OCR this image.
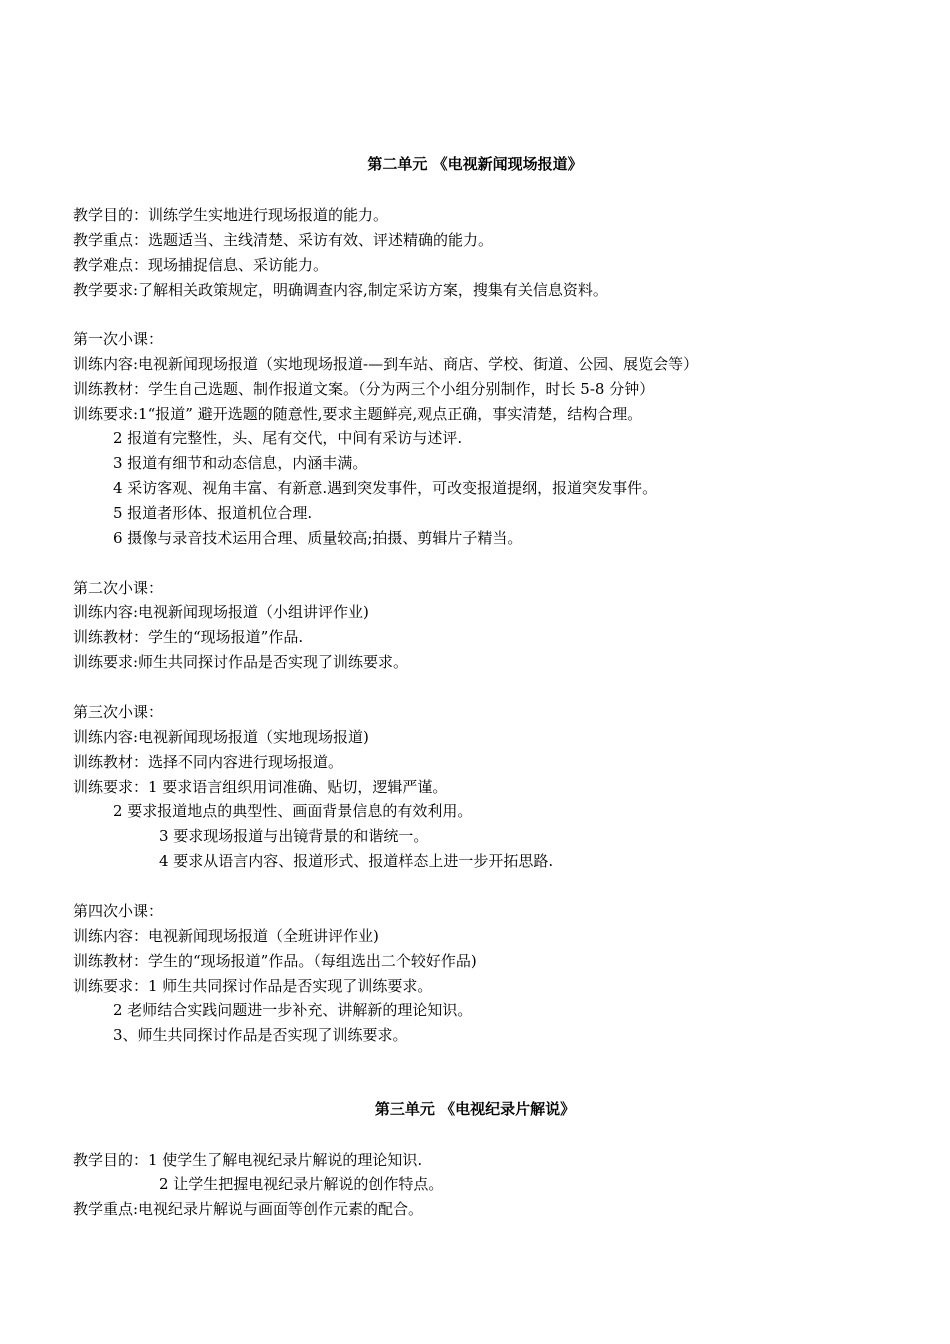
第二单元 《电视新闻现场报道》
教学目的：训练学生实地进行现场报道的能力。
教学重点：选题适当、主线清楚、采访有效、评述精确的能力。
教学难点：现场捕捉信息、采访能力。
教学要求:了解相关政策规定，明确调查内容,制定采访方案，搜集有关信息资料。
第一次小课：
训练内容:电视新闻现场报道（实地现场报道-—到车站、商店、学校、街道、公园、展览会等）
训练教材：学生自己选题、制作报道文案。（分为两三个小组分别制作，时长 5-8 分钟）
训练要求:1“报道” 避开选题的随意性,要求主题鲜亮,观点正确，事实清楚，结构合理。
2 报道有完整性，头、尾有交代，中间有采访与述评.
3 报道有细节和动态信息，内涵丰满。
4 采访客观、视角丰富、有新意.遇到突发事件，可改变报道提纲，报道突发事件。
5 报道者形体、报道机位合理.
6 摄像与录音技术运用合理、质量较高;拍摄、剪辑片子精当。
第二次小课：
训练内容:电视新闻现场报道（小组讲评作业)
训练教材：学生的“现场报道”作品.
训练要求:师生共同探讨作品是否实现了训练要求。
第三次小课：
训练内容:电视新闻现场报道（实地现场报道)
训练教材：选择不同内容进行现场报道。
训练要求：1 要求语言组织用词准确、贴切，逻辑严谨。
2 要求报道地点的典型性、画面背景信息的有效利用。
3 要求现场报道与出镜背景的和谐统一。
4 要求从语言内容、报道形式、报道样态上进一步开拓思路.
第四次小课：
训练内容：电视新闻现场报道（全班讲评作业)
训练教材：学生的“现场报道”作品。（每组选出二个较好作品)
训练要求：1 师生共同探讨作品是否实现了训练要求。
2 老师结合实践问题进一步补充、讲解新的理论知识。
3、师生共同探讨作品是否实现了训练要求。
第三单元 《电视纪录片解说》
教学目的：1 使学生了解电视纪录片解说的理论知识.
2 让学生把握电视纪录片解说的创作特点。
教学重点:电视纪录片解说与画面等创作元素的配合。
